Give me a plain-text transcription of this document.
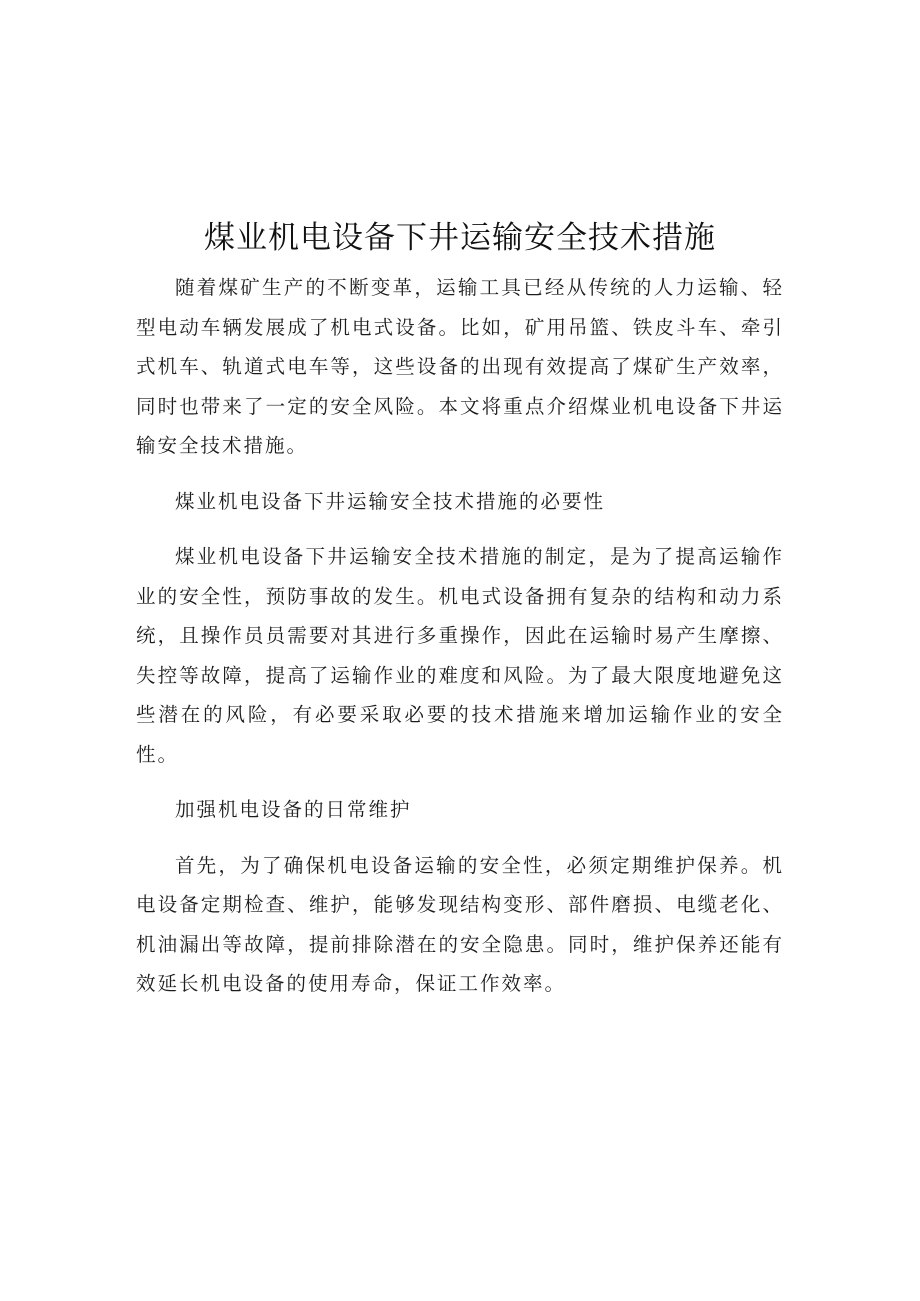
煤业机电设备下井运输安全技术措施

随着煤矿生产的不断变革，运输工具已经从传统的人力运输、轻型电动车辆发展成了机电式设备。比如，矿用吊篮、铁皮斗车、牵引式机车、轨道式电车等，这些设备的出现有效提高了煤矿生产效率，同时也带来了一定的安全风险。本文将重点介绍煤业机电设备下井运输安全技术措施。

煤业机电设备下井运输安全技术措施的必要性

煤业机电设备下井运输安全技术措施的制定，是为了提高运输作业的安全性，预防事故的发生。机电式设备拥有复杂的结构和动力系统，且操作员员需要对其进行多重操作，因此在运输时易产生摩擦、失控等故障，提高了运输作业的难度和风险。为了最大限度地避免这些潜在的风险，有必要采取必要的技术措施来增加运输作业的安全性。

加强机电设备的日常维护

首先，为了确保机电设备运输的安全性，必须定期维护保养。机电设备定期检查、维护，能够发现结构变形、部件磨损、电缆老化、机油漏出等故障，提前排除潜在的安全隐患。同时，维护保养还能有效延长机电设备的使用寿命，保证工作效率。
